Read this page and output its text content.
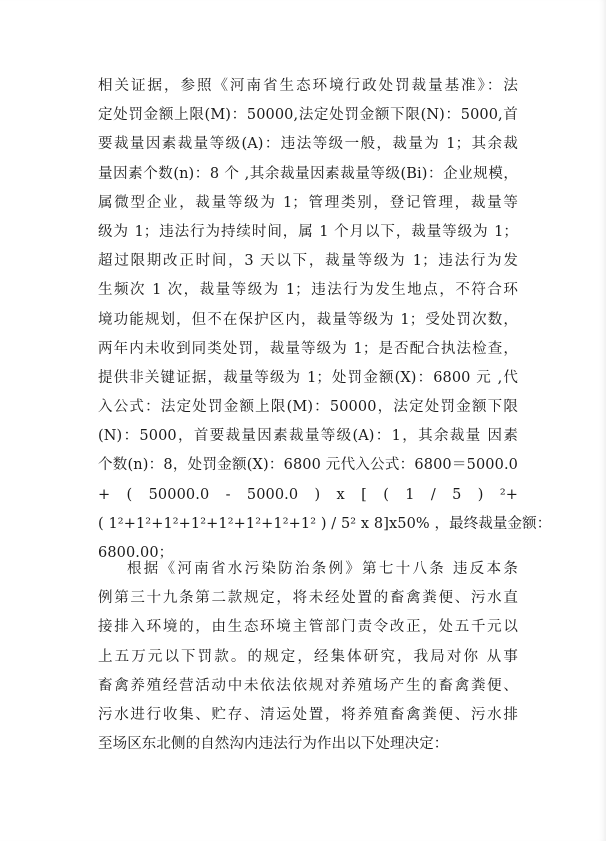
相关证据，参照《河南省生态环境行政处罚裁量基准》：法
定处罚金额上限(M)：50000,法定处罚金额下限(N)：5000,首
要裁量因素裁量等级(A)：违法等级一般，裁量为 1；其余裁
量因素个数(n)：8 个 ,其余裁量因素裁量等级(Bi)：企业规模，
属微型企业，裁量等级为 1；管理类别，登记管理，裁量等
级为 1；违法行为持续时间，属 1 个月以下，裁量等级为 1；
超过限期改正时间，3 天以下，裁量等级为 1；违法行为发
生频次 1 次，裁量等级为 1；违法行为发生地点，不符合环
境功能规划，但不在保护区内，裁量等级为 1；受处罚次数，
两年内未收到同类处罚，裁量等级为 1；是否配合执法检查，
提供非关键证据，裁量等级为 1；处罚金额(X)：6800 元 ,代
入公式：法定处罚金额上限(M)：50000，法定处罚金额下限
(N)：5000，首要裁量因素裁量等级(A)：1，其余裁量 因素
个数(n)：8，处罚金额(X)：6800 元代入公式：6800＝5000.0
+ ( 50000.0 - 5000.0 ) x [ ( 1 / 5 ) ²+
( 1²+1²+1²+1²+1²+1²+1²+1² ) / 5² x 8]x50% ，最终裁量金额：
6800.00；
根据《河南省水污染防治条例》第七十八条 违反本条
例第三十九条第二款规定，将未经处置的畜禽粪便、污水直
接排入环境的，由生态环境主管部门责令改正，处五千元以
上五万元以下罚款。的规定，经集体研究，我局对你 从事
畜禽养殖经营活动中未依法依规对养殖场产生的畜禽粪便、
污水进行收集、贮存、清运处置，将养殖畜禽粪便、污水排
至场区东北侧的自然沟内违法行为作出以下处理决定：
